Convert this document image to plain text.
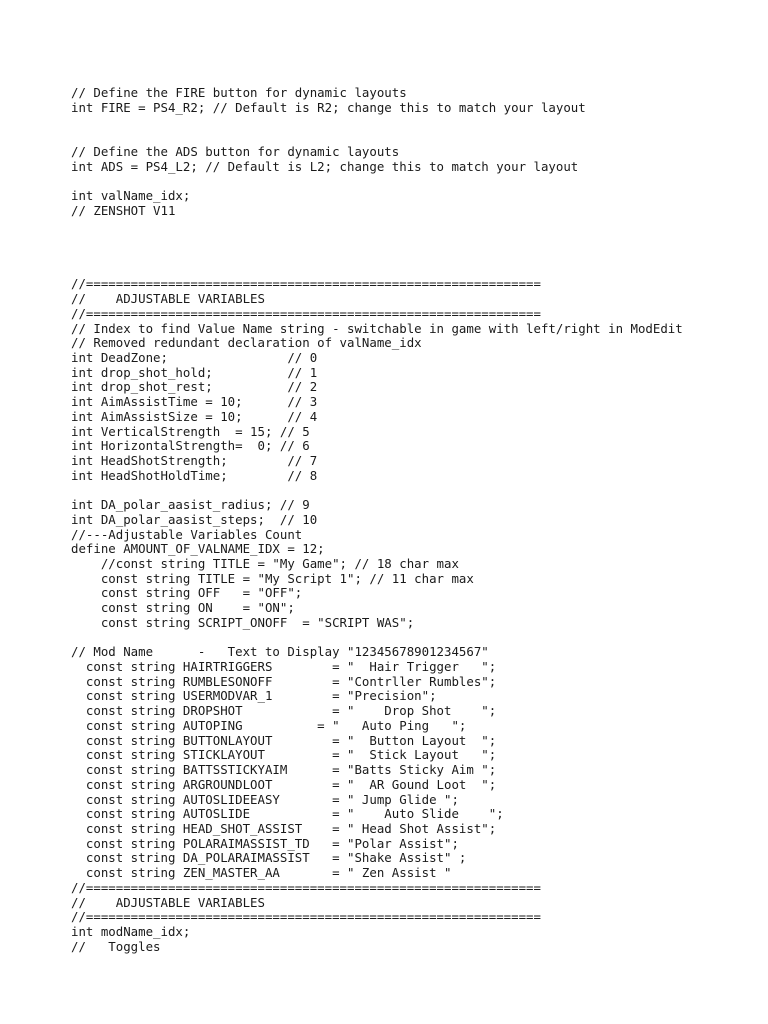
// Define the FIRE button for dynamic layouts
int FIRE = PS4_R2; // Default is R2; change this to match your layout

// Define the ADS button for dynamic layouts
int ADS = PS4_L2; // Default is L2; change this to match your layout

int valName_idx;
// ZENSHOT V11

//=============================================================
//    ADJUSTABLE VARIABLES
//=============================================================
// Index to find Value Name string - switchable in game with left/right in ModEdit
// Removed redundant declaration of valName_idx
int DeadZone;                // 0
int drop_shot_hold;          // 1
int drop_shot_rest;          // 2
int AimAssistTime = 10;      // 3
int AimAssistSize = 10;      // 4
int VerticalStrength  = 15; // 5
int HorizontalStrength=  0; // 6
int HeadShotStrength;        // 7
int HeadShotHoldTime;        // 8

int DA_polar_aasist_radius; // 9
int DA_polar_aasist_steps;  // 10
//---Adjustable Variables Count
define AMOUNT_OF_VALNAME_IDX = 12;
//const string TITLE = "My Game"; // 18 char max
const string TITLE = "My Script 1"; // 11 char max
const string OFF   = "OFF";
const string ON    = "ON";
const string SCRIPT_ONOFF  = "SCRIPT WAS";

// Mod Name      -   Text to Display "12345678901234567"
const string HAIRTRIGGERS        = "  Hair Trigger   ";
const string RUMBLESONOFF        = "Contrller Rumbles";
const string USERMODVAR_1        = "Precision";
const string DROPSHOT            = "    Drop Shot    ";
const string AUTOPING          = "   Auto Ping   ";
const string BUTTONLAYOUT        = "  Button Layout  ";
const string STICKLAYOUT         = "  Stick Layout   ";
const string BATTSSTICKYAIM      = "Batts Sticky Aim ";
const string ARGROUNDLOOT        = "  AR Gound Loot  ";
const string AUTOSLIDEEASY       = " Jump Glide ";
const string AUTOSLIDE           = "    Auto Slide    ";
const string HEAD_SHOT_ASSIST    = " Head Shot Assist";
const string POLARAIMASSIST_TD   = "Polar Assist";
const string DA_POLARAIMASSIST   = "Shake Assist" ;
const string ZEN_MASTER_AA       = " Zen Assist "
//=============================================================
//    ADJUSTABLE VARIABLES
//=============================================================
int modName_idx;
//   Toggles
